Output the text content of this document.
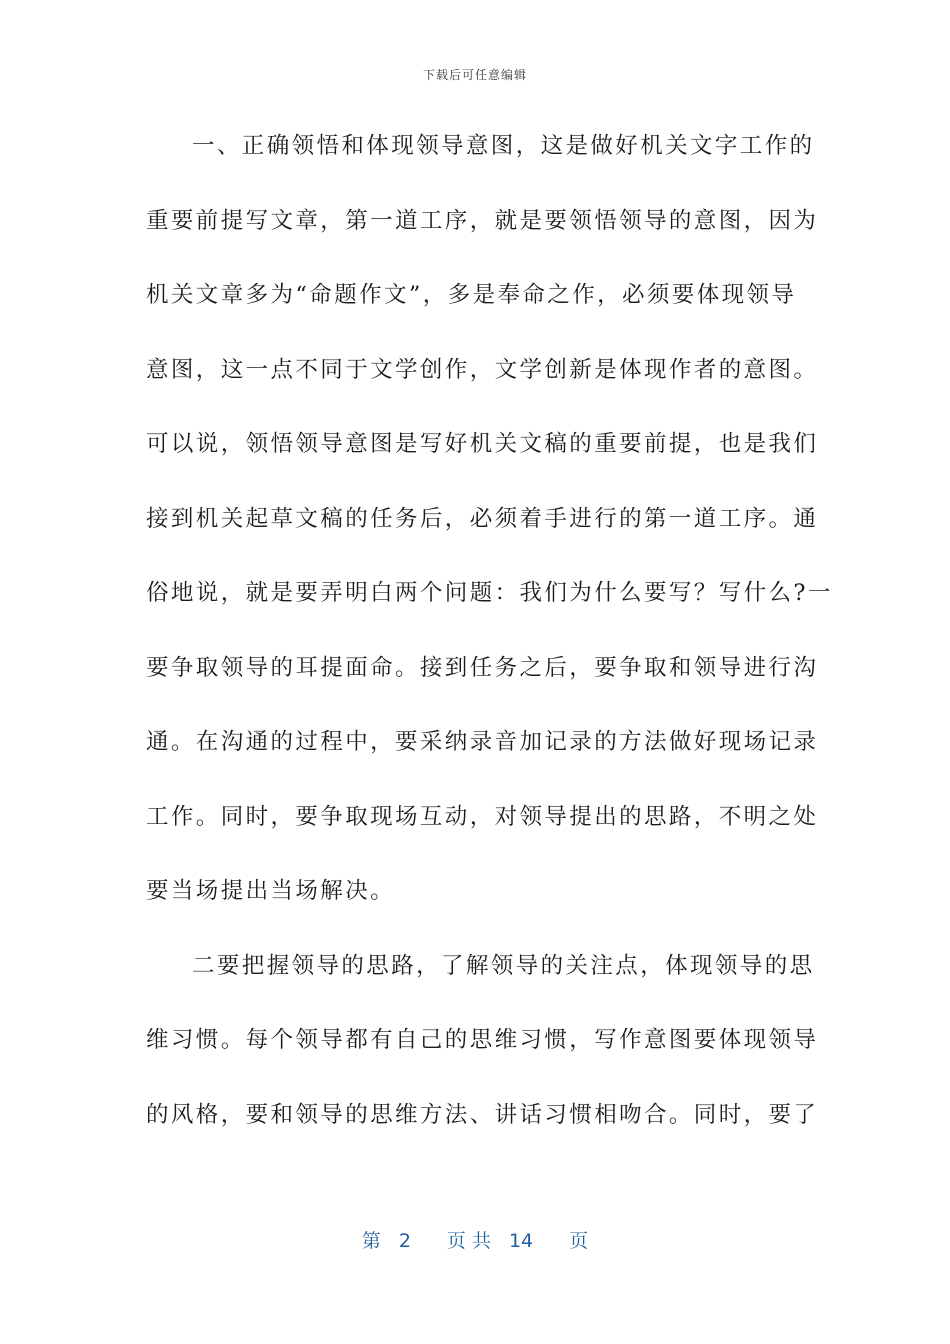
下载后可任意编辑
一、正确领悟和体现领导意图，这是做好机关文字工作的
重要前提写文章，第一道工序，就是要领悟领导的意图，因为
机关文章多为“命题作文”，多是奉命之作，必须要体现领导
意图，这一点不同于文学创作，文学创新是体现作者的意图。
可以说，领悟领导意图是写好机关文稿的重要前提，也是我们
接到机关起草文稿的任务后，必须着手进行的第一道工序。通
俗地说，就是要弄明白两个问题：我们为什么要写？写什么?一
要争取领导的耳提面命。接到任务之后，要争取和领导进行沟
通。在沟通的过程中，要采纳录音加记录的方法做好现场记录
工作。同时，要争取现场互动，对领导提出的思路，不明之处
要当场提出当场解决。
二要把握领导的思路，了解领导的关注点，体现领导的思
维习惯。每个领导都有自己的思维习惯，写作意图要体现领导
的风格，要和领导的思维方法、讲话习惯相吻合。同时，要了
第 2 页 共 14 页
